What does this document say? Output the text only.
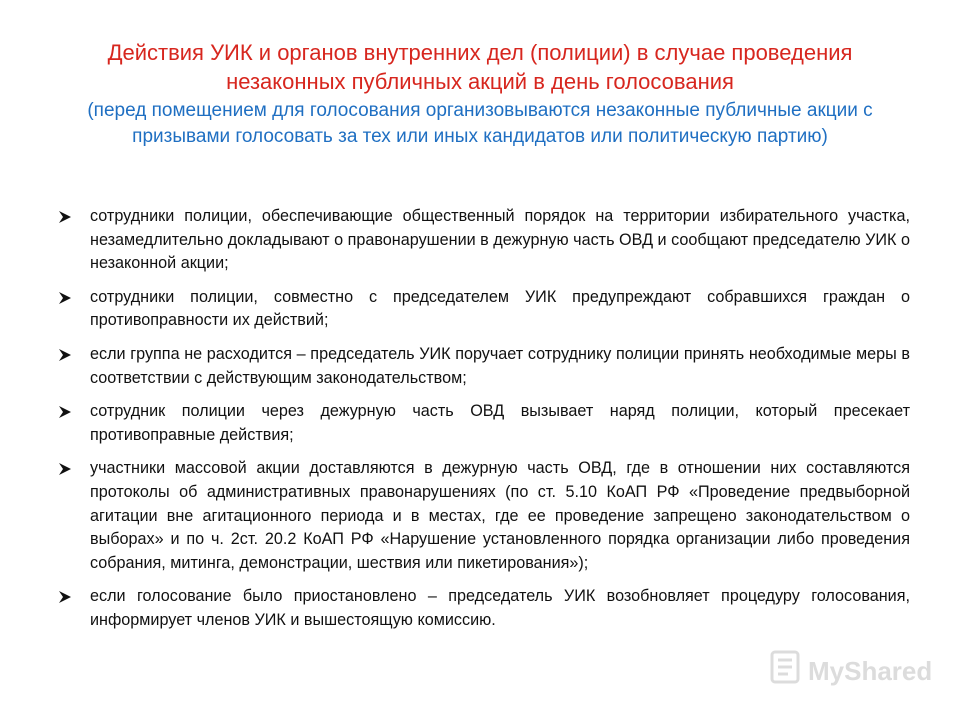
Действия УИК и органов внутренних дел (полиции) в случае проведения незаконных публичных акций в день голосования

(перед помещением для голосования организовываются незаконные публичные акции с призывами голосовать за тех или иных кандидатов или политическую партию)

сотрудники полиции, обеспечивающие общественный порядок на территории избирательного участка, незамедлительно докладывают о правонарушении в дежурную часть ОВД и сообщают председателю УИК о незаконной акции;
сотрудники полиции, совместно с председателем УИК предупреждают собравшихся граждан о противоправности их действий;
если группа не расходится – председатель УИК поручает сотруднику полиции принять необходимые меры в соответствии с действующим законодательством;
сотрудник полиции через дежурную часть ОВД вызывает наряд полиции, который пресекает противоправные действия;
участники массовой акции доставляются в дежурную часть ОВД, где в отношении них составляются протоколы об административных правонарушениях (по ст. 5.10 КоАП РФ «Проведение предвыборной агитации вне агитационного периода и в местах, где ее проведение запрещено законодательством о выборах» и по ч. 2ст. 20.2 КоАП РФ «Нарушение установленного порядка организации либо проведения собрания, митинга, демонстрации, шествия или пикетирования»);
если голосование было приостановлено – председатель УИК возобновляет процедуру голосования, информирует членов УИК и вышестоящую комиссию.
MyShared
